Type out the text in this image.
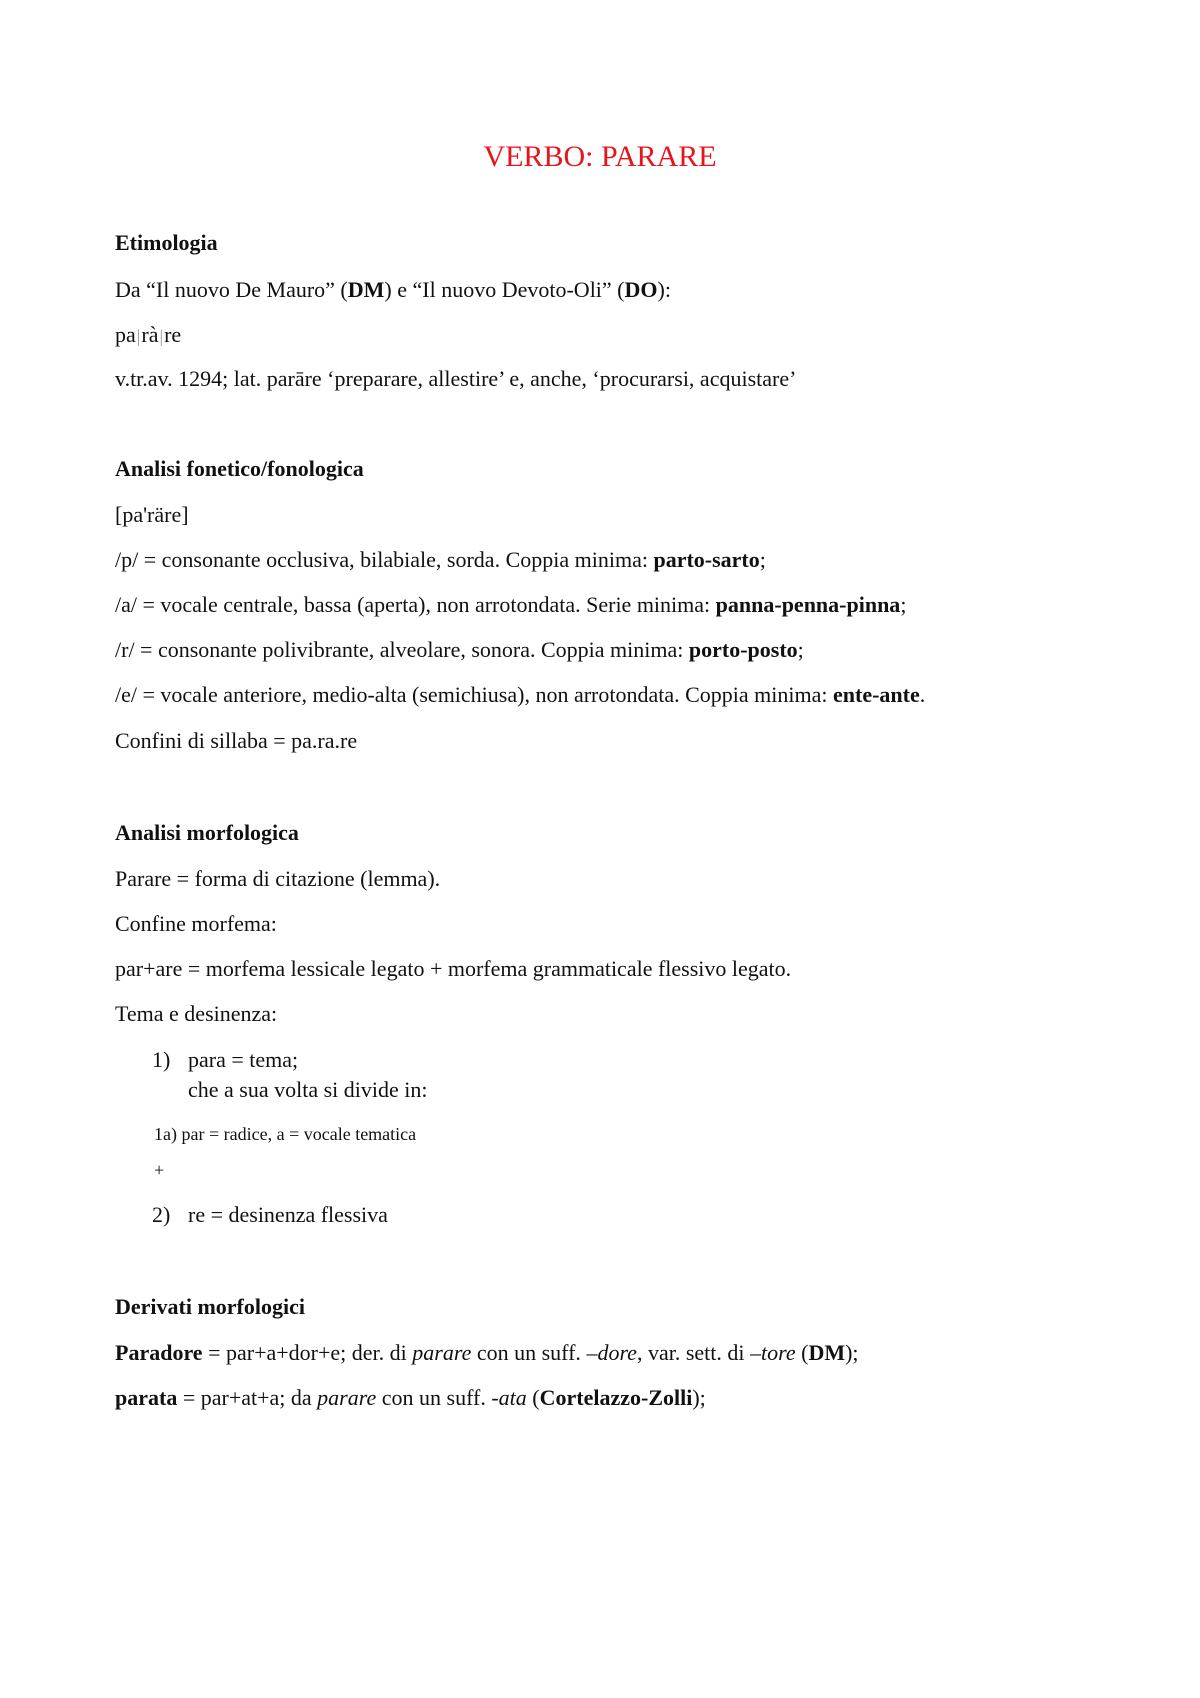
VERBO: PARARE
Etimologia
Da “Il nuovo De Mauro” (DM) e “Il nuovo Devoto-Oli” (DO):
pa|rà|re
v.tr.av. 1294; lat. parāre ‘preparare, allestire’ e, anche, ‘procurarsi, acquistare’
Analisi fonetico/fonologica
[pa'räre]
/p/ = consonante occlusiva, bilabiale, sorda. Coppia minima: parto-sarto;
/a/ = vocale centrale, bassa (aperta), non arrotondata. Serie minima: panna-penna-pinna;
/r/ = consonante polivibrante, alveolare, sonora. Coppia minima: porto-posto;
/e/ = vocale anteriore, medio-alta (semichiusa), non arrotondata. Coppia minima: ente-ante.
Confini di sillaba = pa.ra.re
Analisi morfologica
Parare = forma di citazione (lemma).
Confine morfema:
par+are = morfema lessicale legato + morfema grammaticale flessivo legato.
Tema e desinenza:
1) para = tema;
che a sua volta si divide in:
1a) par = radice, a = vocale tematica
+
2) re = desinenza flessiva
Derivati morfologici
Paradore = par+a+dor+e; der. di parare con un suff. –dore, var. sett. di –tore (DM);
parata = par+at+a; da parare con un suff. -ata (Cortelazzo-Zolli);
